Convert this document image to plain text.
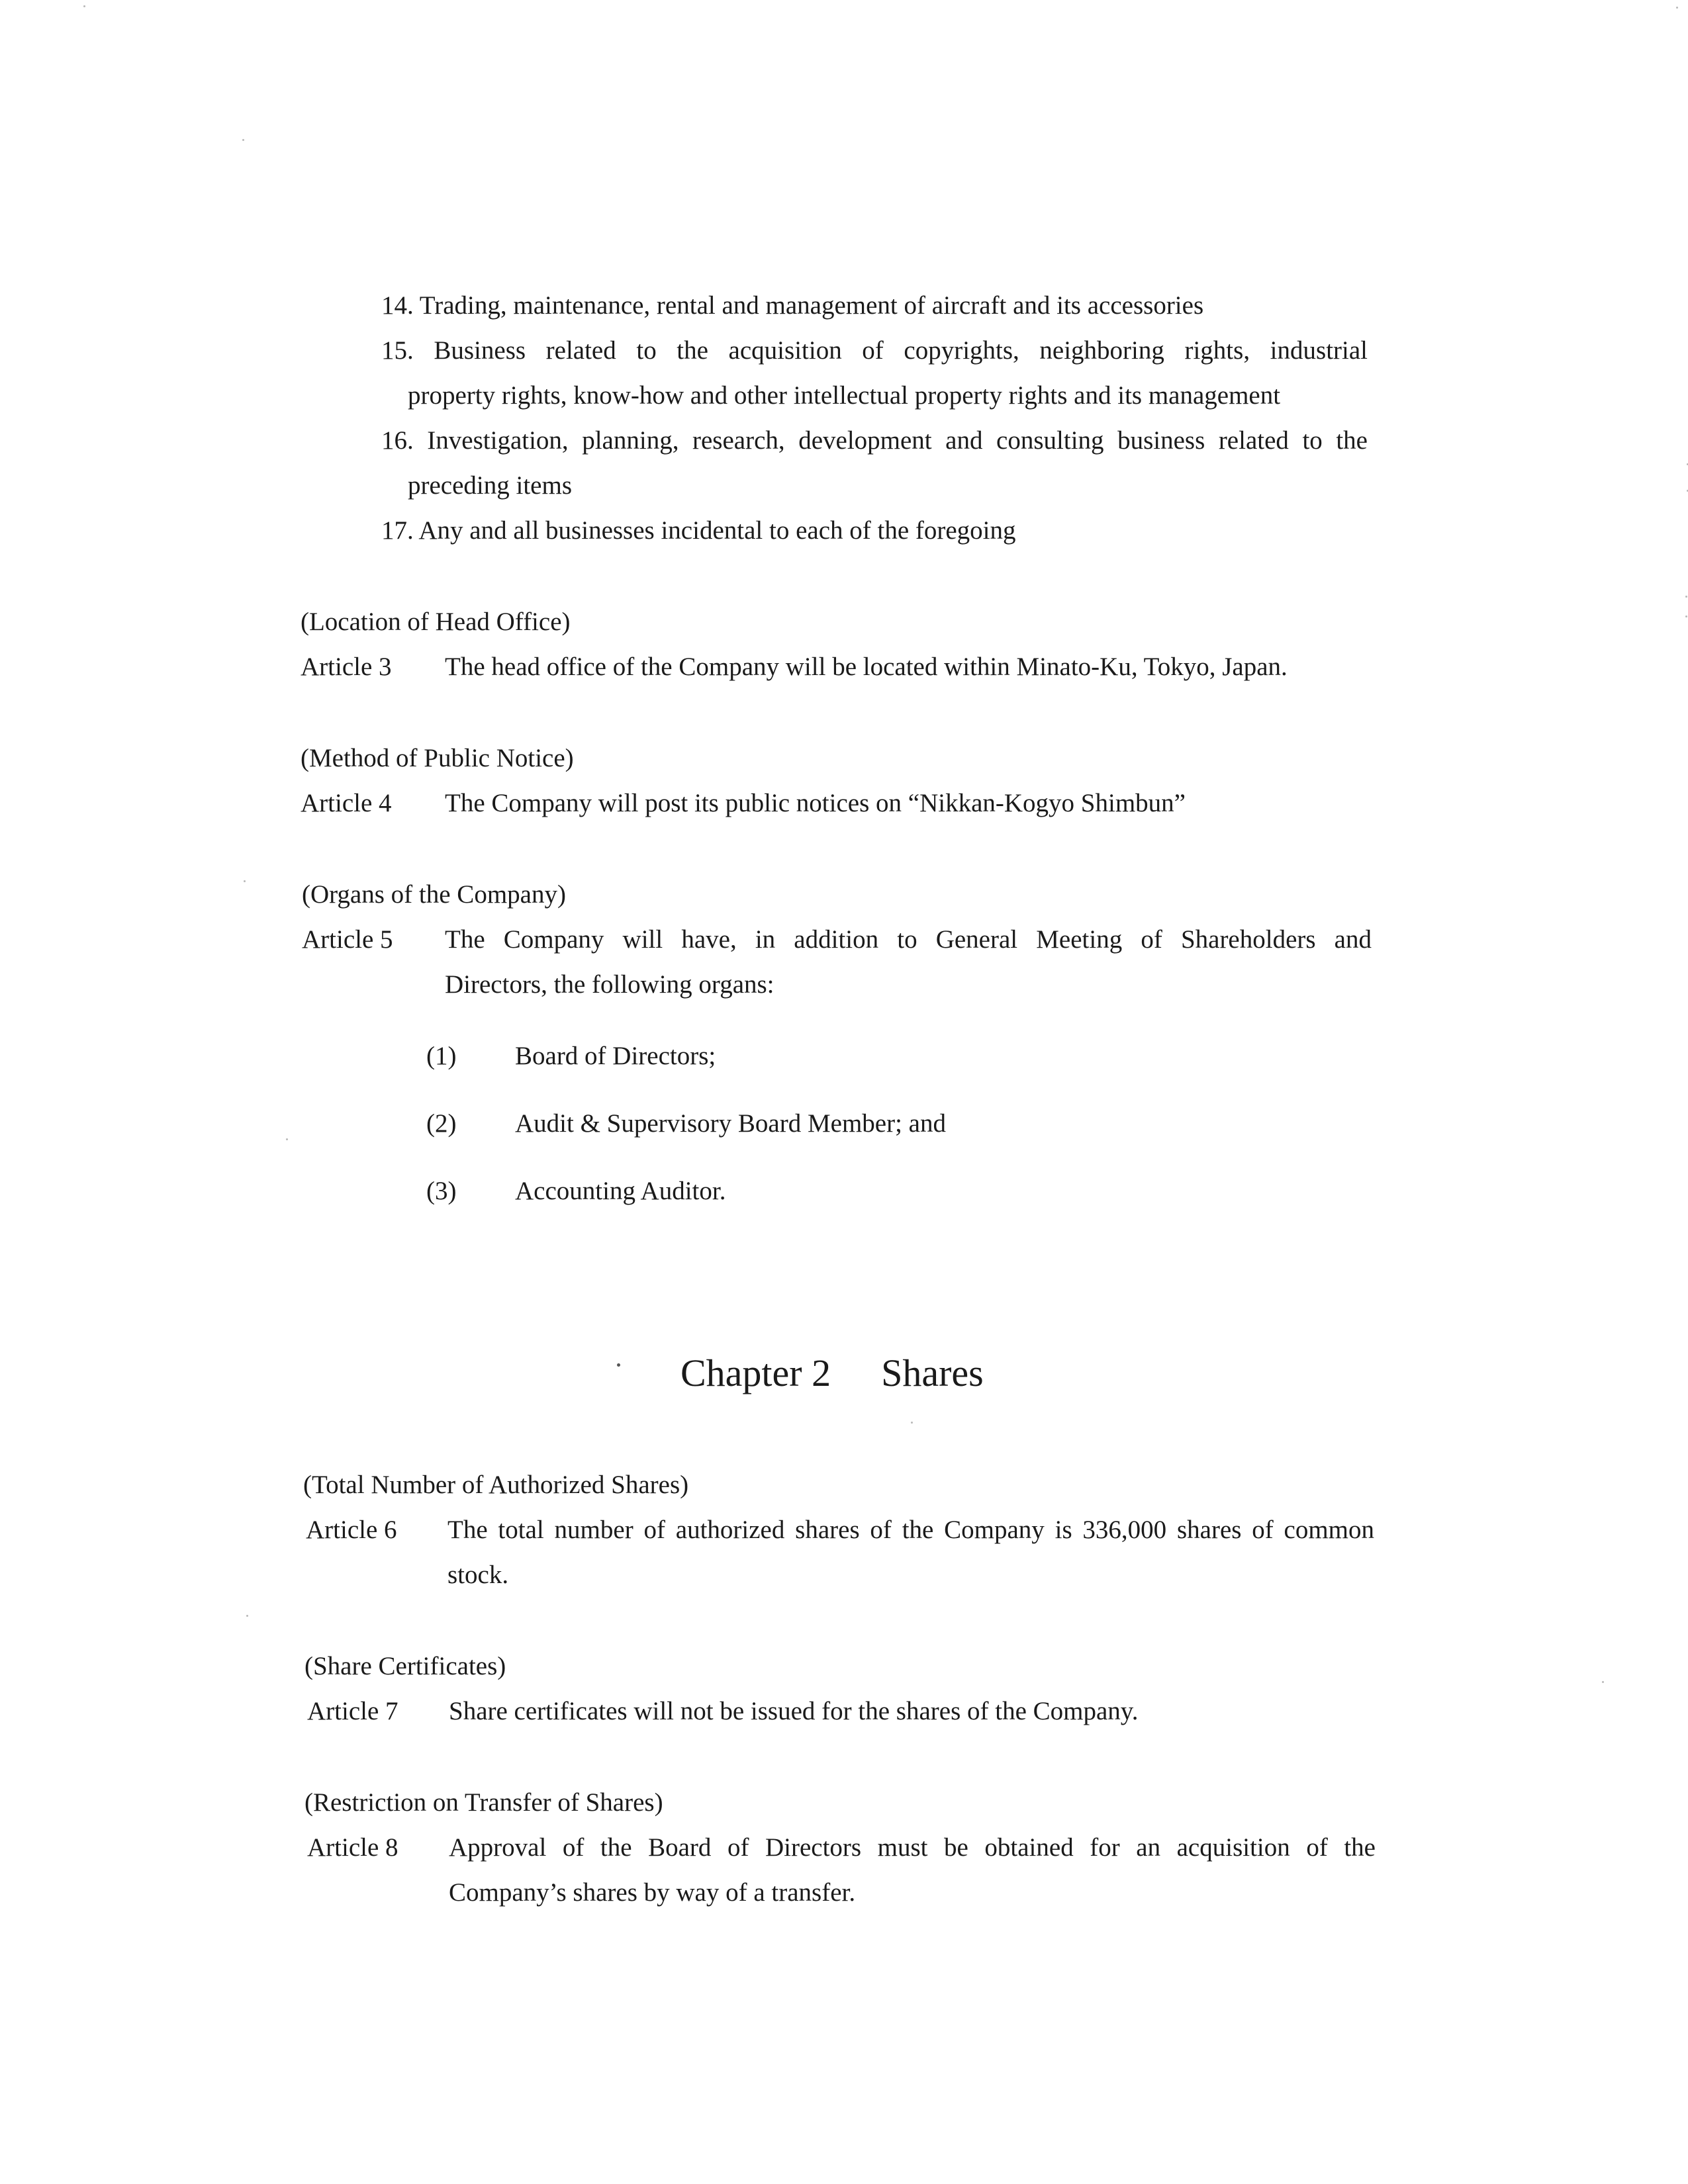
14. Trading, maintenance, rental and management of aircraft and its accessories
15. Business related to the acquisition of copyrights, neighboring rights, industrial
property rights, know-how and other intellectual property rights and its management
16. Investigation, planning, research, development and consulting business related to the
preceding items
17. Any and all businesses incidental to each of the foregoing
(Location of Head Office)
Article 3 The head office of the Company will be located within Minato-Ku, Tokyo, Japan.
(Method of Public Notice)
Article 4 The Company will post its public notices on “Nikkan-Kogyo Shimbun”
(Organs of the Company)
Article 5 The Company will have, in addition to General Meeting of Shareholders and
Directors, the following organs:
(1) Board of Directors;
(2) Audit & Supervisory Board Member; and
(3) Accounting Auditor.
Chapter 2 Shares
(Total Number of Authorized Shares)
Article 6 The total number of authorized shares of the Company is 336,000 shares of common
stock.
(Share Certificates)
Article 7 Share certificates will not be issued for the shares of the Company.
(Restriction on Transfer of Shares)
Article 8 Approval of the Board of Directors must be obtained for an acquisition of the
Company’s shares by way of a transfer.
